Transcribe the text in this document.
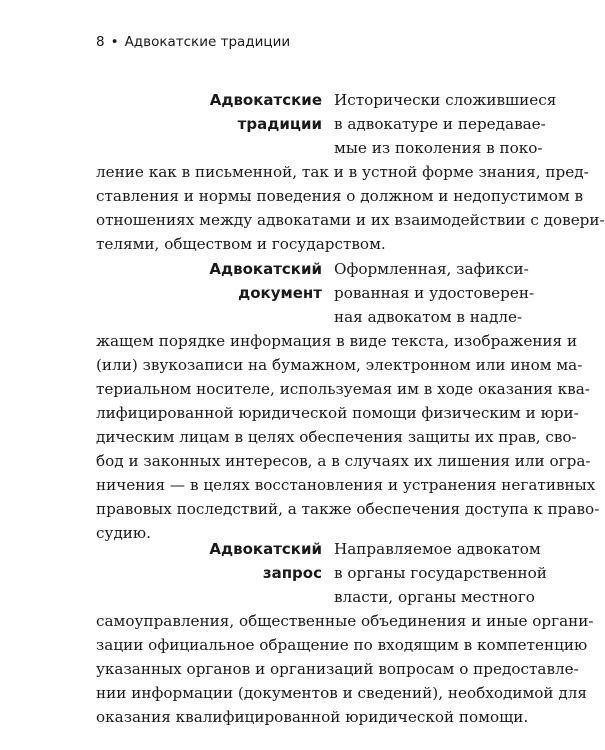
8 • Адвокатские традиции
Адвокатские
традиции
Исторически сложившиеся
в адвокатуре и передавае-
мые из поколения в поко-
ление как в письменной, так и в устной форме знания, пред-
ставления и нормы поведения о должном и недопустимом в
отношениях между адвокатами и их взаимодействии с довери-
телями, обществом и государством.
Адвокатский
документ
Оформленная, зафикси-
рованная и удостоверен-
ная адвокатом в надле-
жащем порядке информация в виде текста, изображения и
(или) звукозаписи на бумажном, электронном или ином ма-
териальном носителе, используемая им в ходе оказания ква-
лифицированной юридической помощи физическим и юри-
дическим лицам в целях обеспечения защиты их прав, сво-
бод и законных интересов, а в случаях их лишения или огра-
ничения — в целях восстановления и устранения негативных
правовых последствий, а также обеспечения доступа к право-
судию.
Адвокатский
запрос
Направляемое адвокатом
в органы государственной
власти, органы местного
самоуправления, общественные объединения и иные органи-
зации официальное обращение по входящим в компетенцию
указанных органов и организаций вопросам о предоставле-
нии информации (документов и сведений), необходимой для
оказания квалифицированной юридической помощи.
